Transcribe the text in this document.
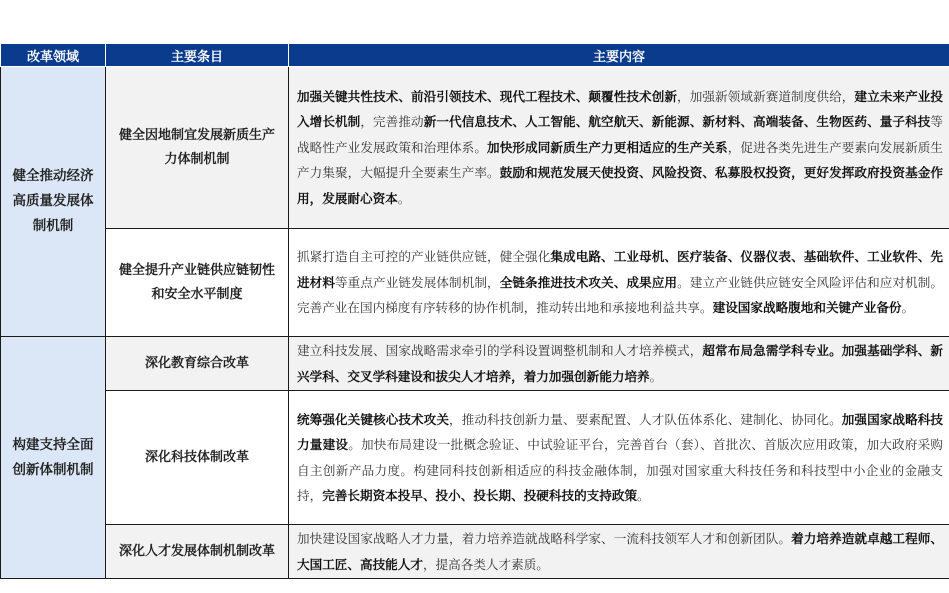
改革领域	主要条目	主要内容
健全推动经济高质量发展体制机制	健全因地制宜发展新质生产力体制机制	加强关键共性技术、前沿引领技术、现代工程技术、颠覆性技术创新，加强新领域新赛道制度供给，建立未来产业投入增长机制，完善推动新一代信息技术、人工智能、航空航天、新能源、新材料、高端装备、生物医药、量子科技等战略性产业发展政策和治理体系。加快形成同新质生产力更相适应的生产关系，促进各类先进生产要素向发展新质生产力集聚，大幅提升全要素生产率。鼓励和规范发展天使投资、风险投资、私募股权投资，更好发挥政府投资基金作用，发展耐心资本。
	健全提升产业链供应链韧性和安全水平制度	抓紧打造自主可控的产业链供应链，健全强化集成电路、工业母机、医疗装备、仪器仪表、基础软件、工业软件、先进材料等重点产业链发展体制机制，全链条推进技术攻关、成果应用。建立产业链供应链安全风险评估和应对机制。完善产业在国内梯度有序转移的协作机制，推动转出地和承接地利益共享。建设国家战略腹地和关键产业备份。
构建支持全面创新体制机制	深化教育综合改革	建立科技发展、国家战略需求牵引的学科设置调整机制和人才培养模式，超常布局急需学科专业。加强基础学科、新兴学科、交叉学科建设和拔尖人才培养，着力加强创新能力培养。
	深化科技体制改革	统筹强化关键核心技术攻关，推动科技创新力量、要素配置、人才队伍体系化、建制化、协同化。加强国家战略科技力量建设。加快布局建设一批概念验证、中试验证平台，完善首台（套）、首批次、首版次应用政策，加大政府采购自主创新产品力度。构建同科技创新相适应的科技金融体制，加强对国家重大科技任务和科技型中小企业的金融支持，完善长期资本投早、投小、投长期、投硬科技的支持政策。
	深化人才发展体制机制改革	加快建设国家战略人才力量，着力培养造就战略科学家、一流科技领军人才和创新团队。着力培养造就卓越工程师、大国工匠、高技能人才，提高各类人才素质。
